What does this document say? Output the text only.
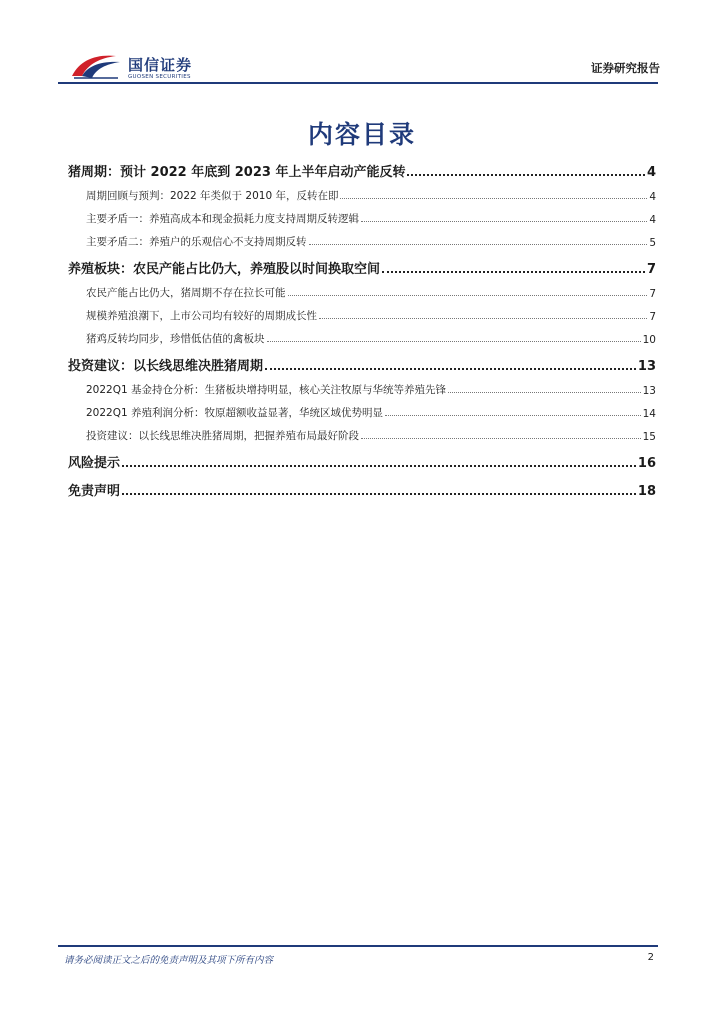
国信证券
GUOSEN SECURITIES
证券研究报告
内容目录
猪周期：预计 2022 年底到 2023 年上半年启动产能反转	4
周期回顾与预判：2022 年类似于 2010 年，反转在即	4
主要矛盾一：养殖高成本和现金损耗力度支持周期反转逻辑	4
主要矛盾二：养殖户的乐观信心不支持周期反转	5
养殖板块：农民产能占比仍大，养殖股以时间换取空间	7
农民产能占比仍大，猪周期不存在拉长可能	7
规模养殖浪潮下，上市公司均有较好的周期成长性	7
猪鸡反转均同步，珍惜低估值的禽板块	10
投资建议：以长线思维决胜猪周期	13
2022Q1 基金持仓分析：生猪板块增持明显，核心关注牧原与华统等养殖先锋	13
2022Q1 养殖利润分析：牧原超额收益显著，华统区域优势明显	14
投资建议：以长线思维决胜猪周期，把握养殖布局最好阶段	15
风险提示	16
免责声明	18
请务必阅读正文之后的免责声明及其项下所有内容	2
